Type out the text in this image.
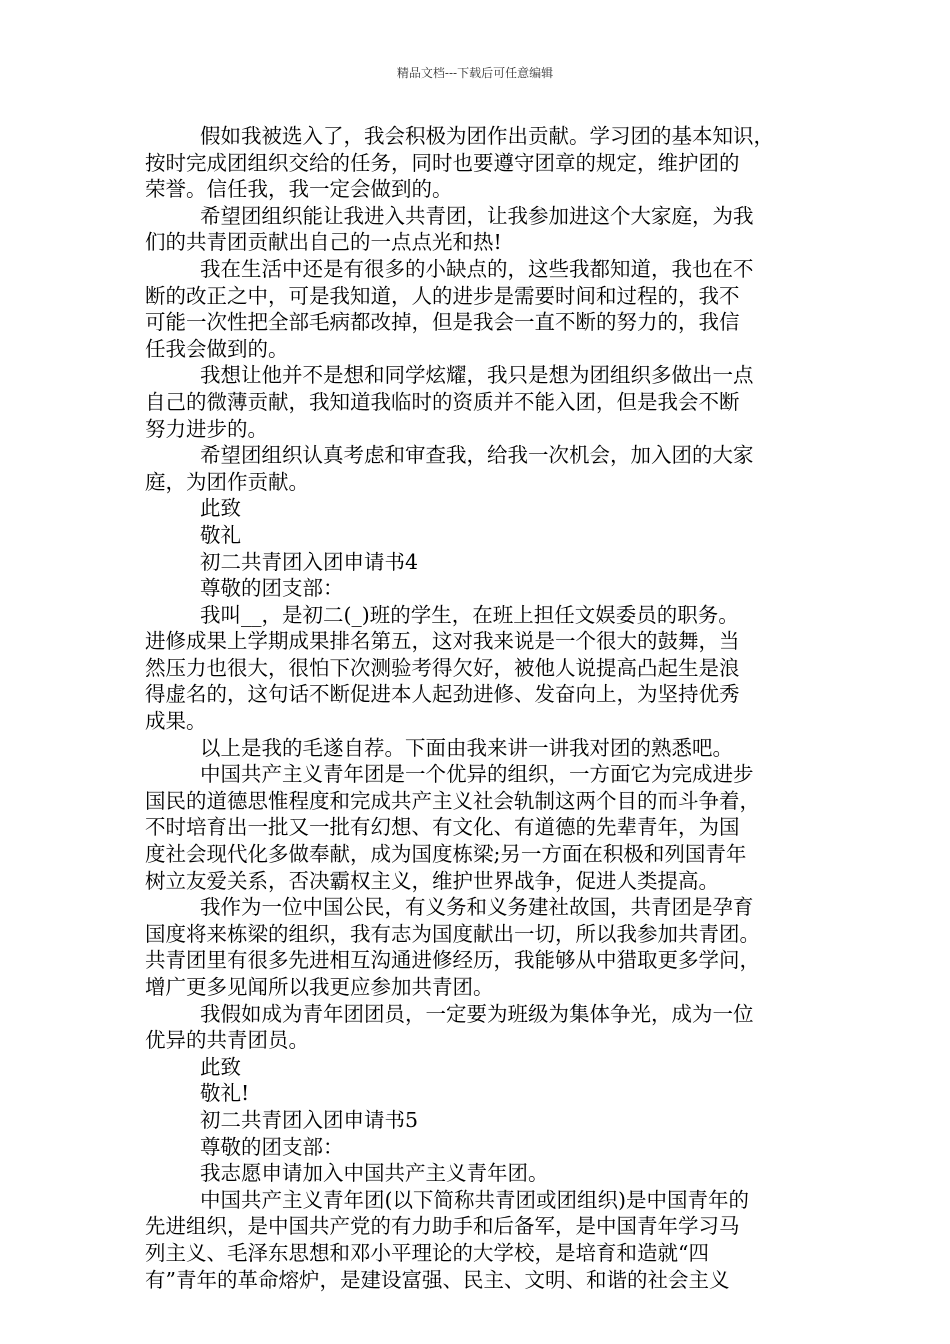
精品文档---下载后可任意编辑
假如我被选入了，我会积极为团作出贡献。学习团的基本知识，
按时完成团组织交给的任务，同时也要遵守团章的规定，维护团的
荣誉。信任我，我一定会做到的。
希望团组织能让我进入共青团，让我参加进这个大家庭，为我
们的共青团贡献出自己的一点点光和热!
我在生活中还是有很多的小缺点的，这些我都知道，我也在不
断的改正之中，可是我知道，人的进步是需要时间和过程的，我不
可能一次性把全部毛病都改掉，但是我会一直不断的努力的，我信
任我会做到的。
我想让他并不是想和同学炫耀，我只是想为团组织多做出一点
自己的微薄贡献，我知道我临时的资质并不能入团，但是我会不断
努力进步的。
希望团组织认真考虑和审查我，给我一次机会，加入团的大家
庭，为团作贡献。
此致
敬礼
初二共青团入团申请书4
尊敬的团支部：
我叫__，是初二(_)班的学生，在班上担任文娱委员的职务。
进修成果上学期成果排名第五，这对我来说是一个很大的鼓舞，当
然压力也很大，很怕下次测验考得欠好，被他人说提高凸起生是浪
得虚名的，这句话不断促进本人起劲进修、发奋向上，为坚持优秀
成果。
以上是我的毛遂自荐。下面由我来讲一讲我对团的熟悉吧。
中国共产主义青年团是一个优异的组织，一方面它为完成进步
国民的道德思惟程度和完成共产主义社会轨制这两个目的而斗争着，
不时培育出一批又一批有幻想、有文化、有道德的先辈青年，为国
度社会现代化多做奉献，成为国度栋梁;另一方面在积极和列国青年
树立友爱关系，否决霸权主义，维护世界战争，促进人类提高。
我作为一位中国公民，有义务和义务建社故国，共青团是孕育
国度将来栋梁的组织，我有志为国度献出一切，所以我参加共青团。
共青团里有很多先进相互沟通进修经历，我能够从中猎取更多学问，
增广更多见闻所以我更应参加共青团。
我假如成为青年团团员，一定要为班级为集体争光，成为一位
优异的共青团员。
此致
敬礼!
初二共青团入团申请书5
尊敬的团支部：
我志愿申请加入中国共产主义青年团。
中国共产主义青年团(以下简称共青团或团组织)是中国青年的
先进组织，是中国共产党的有力助手和后备军，是中国青年学习马
列主义、毛泽东思想和邓小平理论的大学校，是培育和造就“四
有”青年的革命熔炉，是建设富强、民主、文明、和谐的社会主义
